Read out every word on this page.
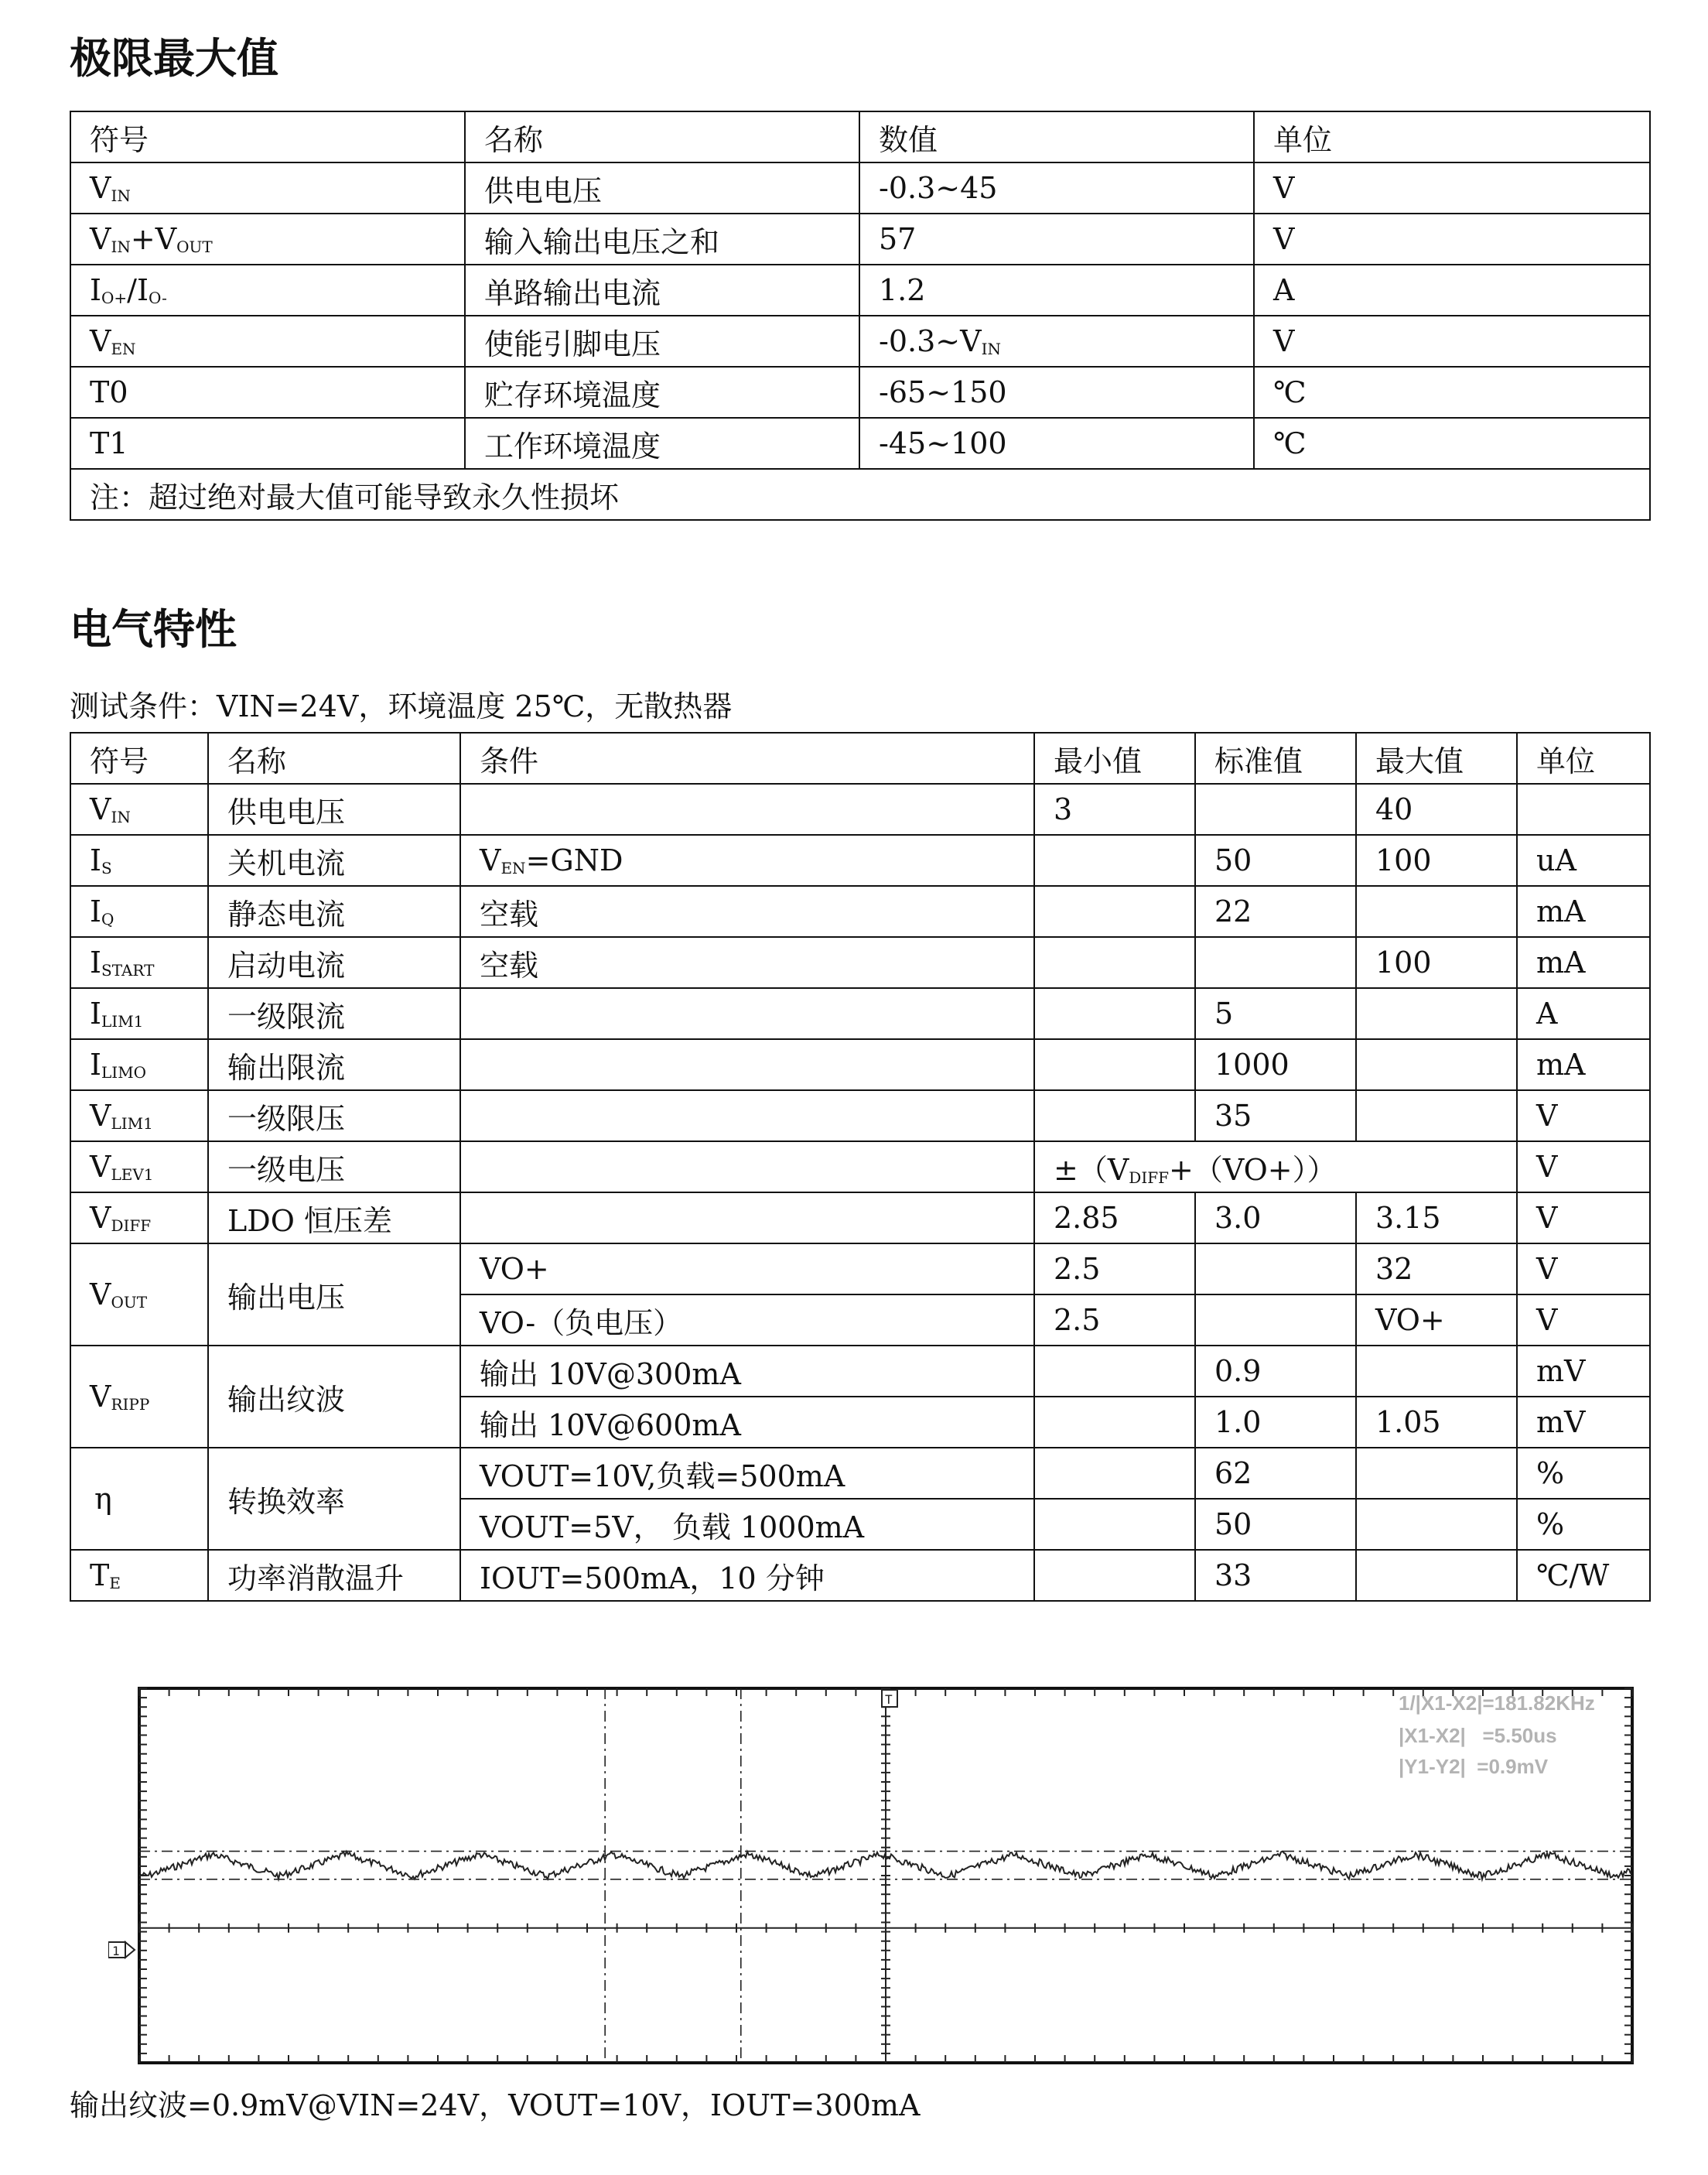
极限最大值
符号	名称	数值	单位
$V_{IN}$	供电电压	-0.3~45	V
$V_{IN}+V_{OUT}$	输入输出电压之和	57	V
$I_{O+}/I_{O-}$	单路输出电流	1.2	A
$V_{EN}$	使能引脚电压	$-0.3\sim V_{IN}$	V
T0	贮存环境温度	-65~150	℃
T1	工作环境温度	-45~100	℃
注：超过绝对最大值可能导致永久性损坏			
电气特性
测试条件：VIN=24V，环境温度 25℃，无散热器
符号	名称	条件	最小值	标准值	最大值	单位
$V_{IN}$	供电电压		3		40	
$I_S$	关机电流	$V_{EN}=GND$		50	100	uA
$I_Q$	静态电流	空载		22		mA
$I_{START}$	启动电流	空载			100	mA
$I_{LIM1}$	一级限流			5		A
$I_{LIMO}$	输出限流			1000		mA
$V_{LIM1}$	一级限压			35		V
$V_{LEV1}$	一级电压		$\pm(V_{DIFF}+(VO+))$			V
$V_{DIFF}$	LDO 恒压差		2.85	3.0	3.15	V
$V_{OUT}$	输出电压	VO+	2.5		32	V
		VO-（负电压）	2.5		VO+	V
$V_{RIPP}$	输出纹波	输出 10V@300mA		0.9		mV
		输出 10V@600mA		1.0	1.05	mV
η	转换效率	VOUT=10V,负载=500mA		62		%
		VOUT=5V， 负载 1000mA		50		%
$T_E$	功率消散温升	IOUT=500mA，10 分钟		33		℃/W
1
T	1/|X1-X2|=181.82KHz
|X1-X2|   =5.50us
|Y1-Y2|  =0.9mV
输出纹波=0.9mV@VIN=24V，VOUT=10V，IOUT=300mA
